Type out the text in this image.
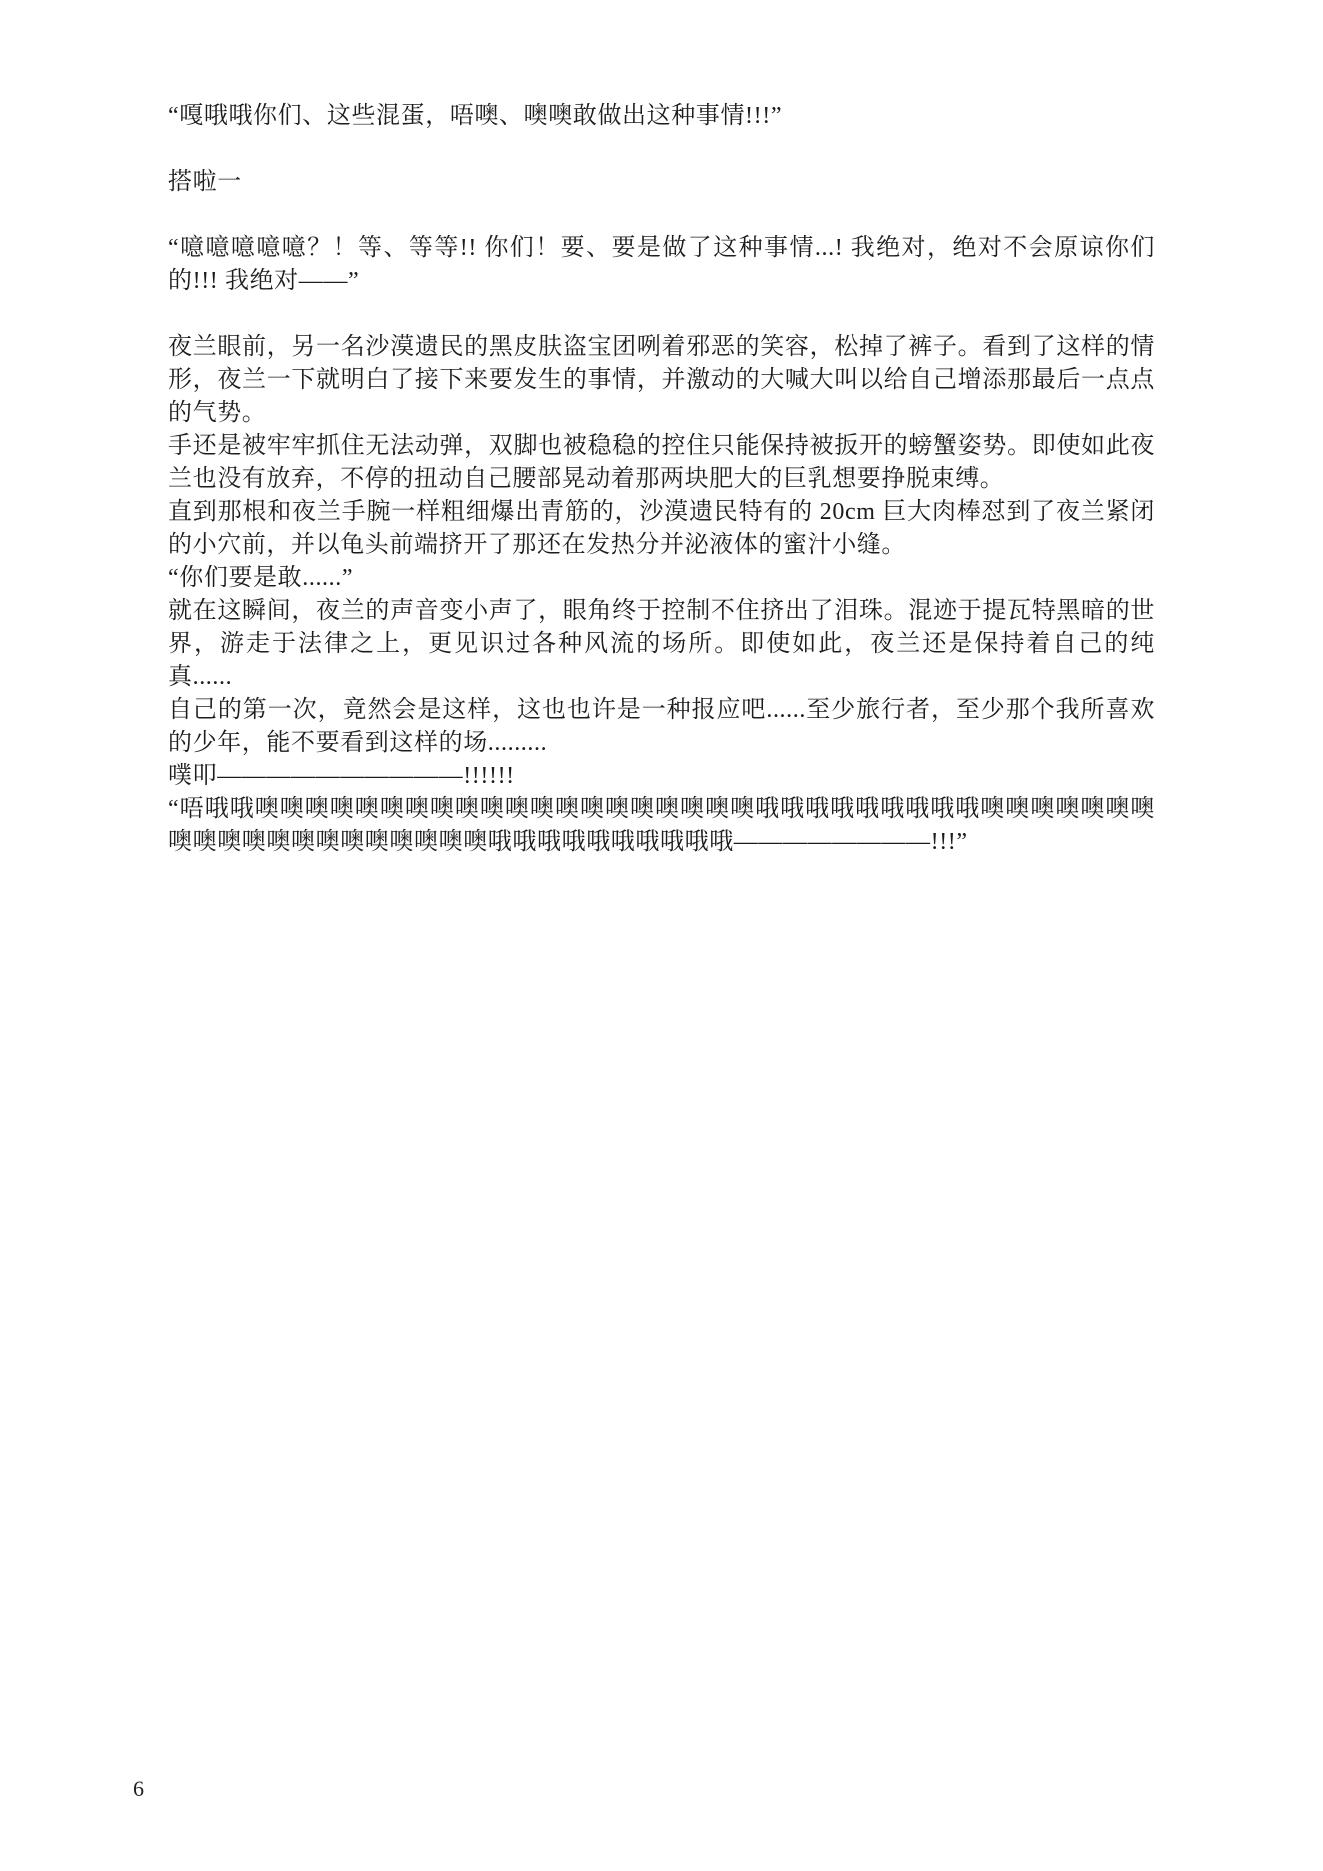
“嘎哦哦你们、这些混蛋，唔噢、噢噢敢做出这种事情!!!”

搭啦一

“噫噫噫噫噫？！等、等等!! 你们！要、要是做了这种事情...! 我绝对，绝对不会原谅你们的!!! 我绝对——”

夜兰眼前，另一名沙漠遗民的黑皮肤盗宝团咧着邪恶的笑容，松掉了裤子。看到了这样的情形，夜兰一下就明白了接下来要发生的事情，并激动的大喊大叫以给自己增添那最后一点点的气势。

手还是被牢牢抓住无法动弹，双脚也被稳稳的控住只能保持被扳开的螃蟹姿势。即使如此夜兰也没有放弃，不停的扭动自己腰部晃动着那两块肥大的巨乳想要挣脱束缚。

直到那根和夜兰手腕一样粗细爆出青筋的，沙漠遗民特有的 20cm 巨大肉棒怼到了夜兰紧闭的小穴前，并以龟头前端挤开了那还在发热分并泌液体的蜜汁小缝。

“你们要是敢......”

就在这瞬间，夜兰的声音变小声了，眼角终于控制不住挤出了泪珠。混迹于提瓦特黑暗的世界，游走于法律之上，更见识过各种风流的场所。即使如此，夜兰还是保持着自己的纯真......

自己的第一次，竟然会是这样，这也也许是一种报应吧......至少旅行者，至少那个我所喜欢的少年，能不要看到这样的场.........

噗叩——————————!!!!!!

“唔哦哦噢噢噢噢噢噢噢噢噢噢噢噢噢噢噢噢噢噢噢噢哦哦哦哦哦哦哦哦哦噢噢噢噢噢噢噢噢噢噢噢噢噢噢噢噢噢噢噢噢哦哦哦哦哦哦哦哦哦哦————————!!!”

6
